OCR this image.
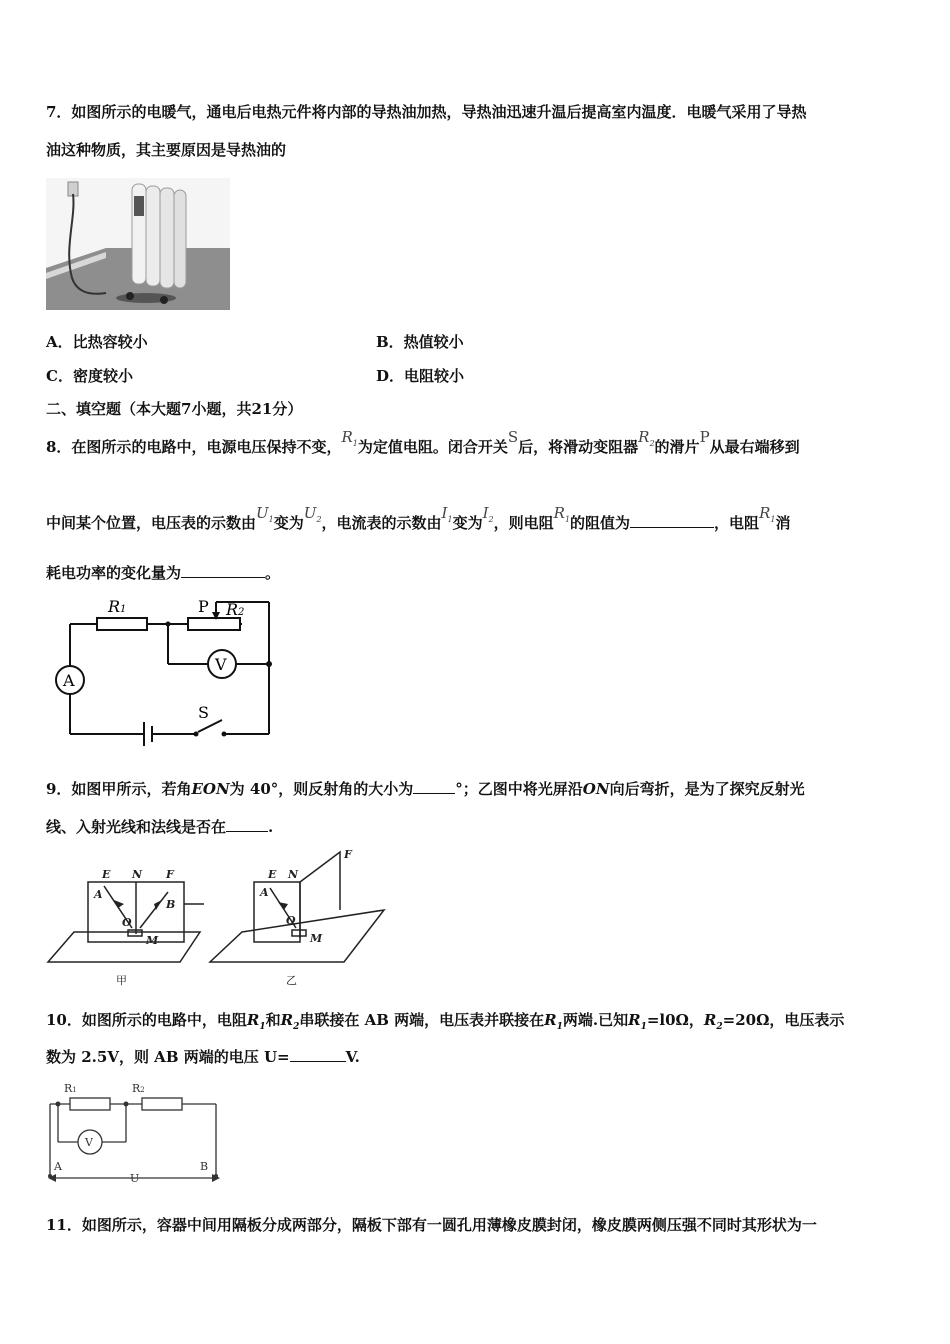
7．如图所示的电暖气，通电后电热元件将内部的导热油加热，导热油迅速升温后提高室内温度．电暖气采用了导热
油这种物质，其主要原因是导热油的
A．比热容较小	B．热值较小
C．密度较小	D．电阻较小
二、填空题（本大题7小题，共21分）
8．在图所示的电路中，电源电压保持不变，$R_1$为定值电阻。闭合开关S后，将滑动变阻器$R_2$的滑片P从最右端移到
中间某个位置，电压表的示数由$U_1$变为$U_2$，电流表的示数由$I_1$变为$I_2$，则电阻$R_1$的阻值为	，电阻$R_1$消
耗电功率的变化量为	。
R1	P R2
V
A
S
9．如图甲所示，若角EON为 40°，则反射角的大小为	°；乙图中将光屏沿ON向后弯折，是为了探究反射光
线、入射光线和法线是否在	.
E N F
A
B
O
M
E N
F
A
O
M
甲	乙
10．如图所示的电路中，电阻$R_1$和$R_2$串联接在 AB 两端，电压表并联接在$R_1$两端.已知$R_1=l0\Omega$，$R_2=20\Omega$，电压表示
数为 2.5V，则 AB 两端的电压 U=	V.
R1	R2
V
A	B
U
11．如图所示，容器中间用隔板分成两部分，隔板下部有一圆孔用薄橡皮膜封闭，橡皮膜两侧压强不同时其形状为一
